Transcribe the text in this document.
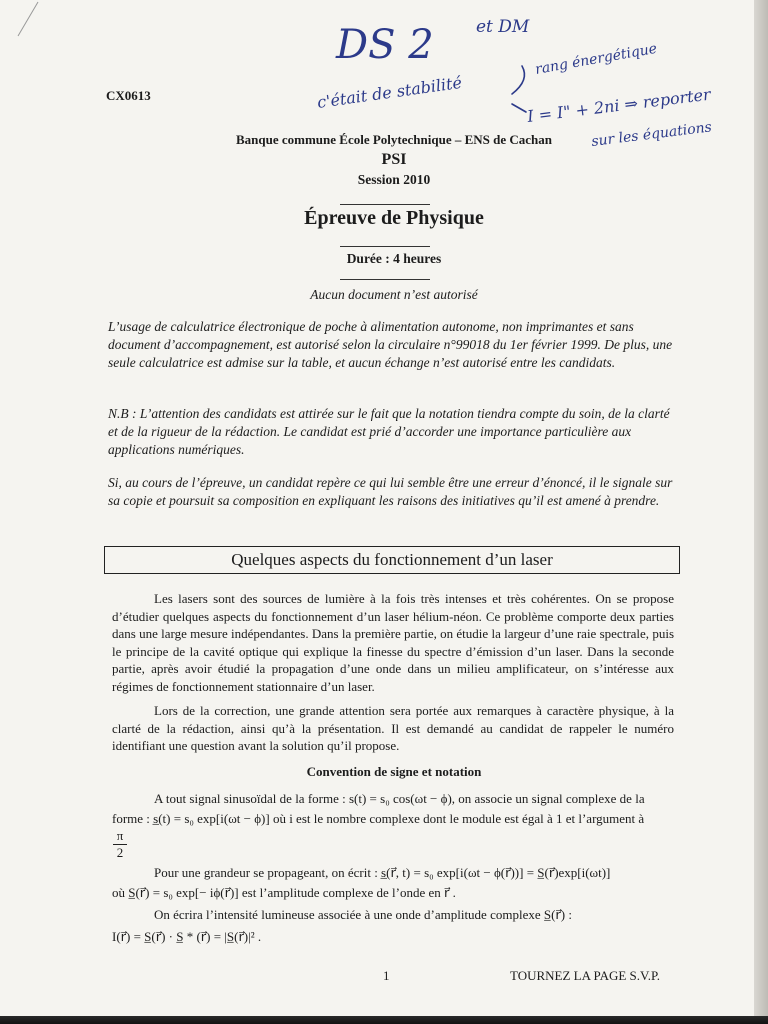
CX0613
Banque commune École Polytechnique – ENS de Cachan
PSI
Session 2010
Épreuve de Physique
Durée : 4 heures
Aucun document n’est autorisé
L’usage de calculatrice électronique de poche à alimentation autonome, non imprimantes et sans document d’accompagnement, est autorisé selon la circulaire n°99018 du 1er février 1999. De plus, une seule calculatrice est admise sur la table, et aucun échange n’est autorisé entre les candidats.
N.B : L’attention des candidats est attirée sur le fait que la notation tiendra compte du soin, de la clarté et de la rigueur de la rédaction. Le candidat est prié d’accorder une importance particulière aux applications numériques.
Si, au cours de l’épreuve, un candidat repère ce qui lui semble être une erreur d’énoncé, il le signale sur sa copie et poursuit sa composition en expliquant les raisons des initiatives qu’il est amené à prendre.
Quelques aspects du fonctionnement d’un laser
Les lasers sont des sources de lumière à la fois très intenses et très cohérentes. On se propose d’étudier quelques aspects du fonctionnement d’un laser hélium-néon. Ce problème comporte deux parties dans une large mesure indépendantes. Dans la première partie, on étudie la largeur d’une raie spectrale, puis le principe de la cavité optique qui explique la finesse du spectre d’émission d’un laser. Dans la seconde partie, après avoir étudié la propagation d’une onde dans un milieu amplificateur, on s’intéresse aux régimes de fonctionnement stationnaire d’un laser.
Lors de la correction, une grande attention sera portée aux remarques à caractère physique, à la clarté de la rédaction, ainsi qu’à la présentation. Il est demandé au candidat de rappeler le numéro identifiant une question avant la solution qu’il propose.
Convention de signe et notation
A tout signal sinusoïdal de la forme : s(t) = s₀ cos(ωt − ϕ), on associe un signal complexe de la
forme : s̲(t) = s₀ exp[i(ωt − ϕ)] où i est le nombre complexe dont le module est égal à 1 et l’argument à
$\frac{\pi}{2}$
Pour une grandeur se propageant, on écrit : s̲(r⃗, t) = s₀ exp[i(ωt − ϕ(r⃗))] = S̲(r⃗)exp[i(ωt)]
où S̲(r⃗) = s₀ exp[− iϕ(r⃗)] est l’amplitude complexe de l’onde en r⃗ .
On écrira l’intensité lumineuse associée à une onde d’amplitude complexe S̲(r⃗) :
I(r⃗) = S̲(r⃗) · S̲ * (r⃗) = |S̲(r⃗)|² .
1	TOURNEZ LA PAGE S.V.P.
DS 2 et DM
c'était de stabilité
rang énergétique
I = I" + 2ni ⇒ reporter
sur les équations
